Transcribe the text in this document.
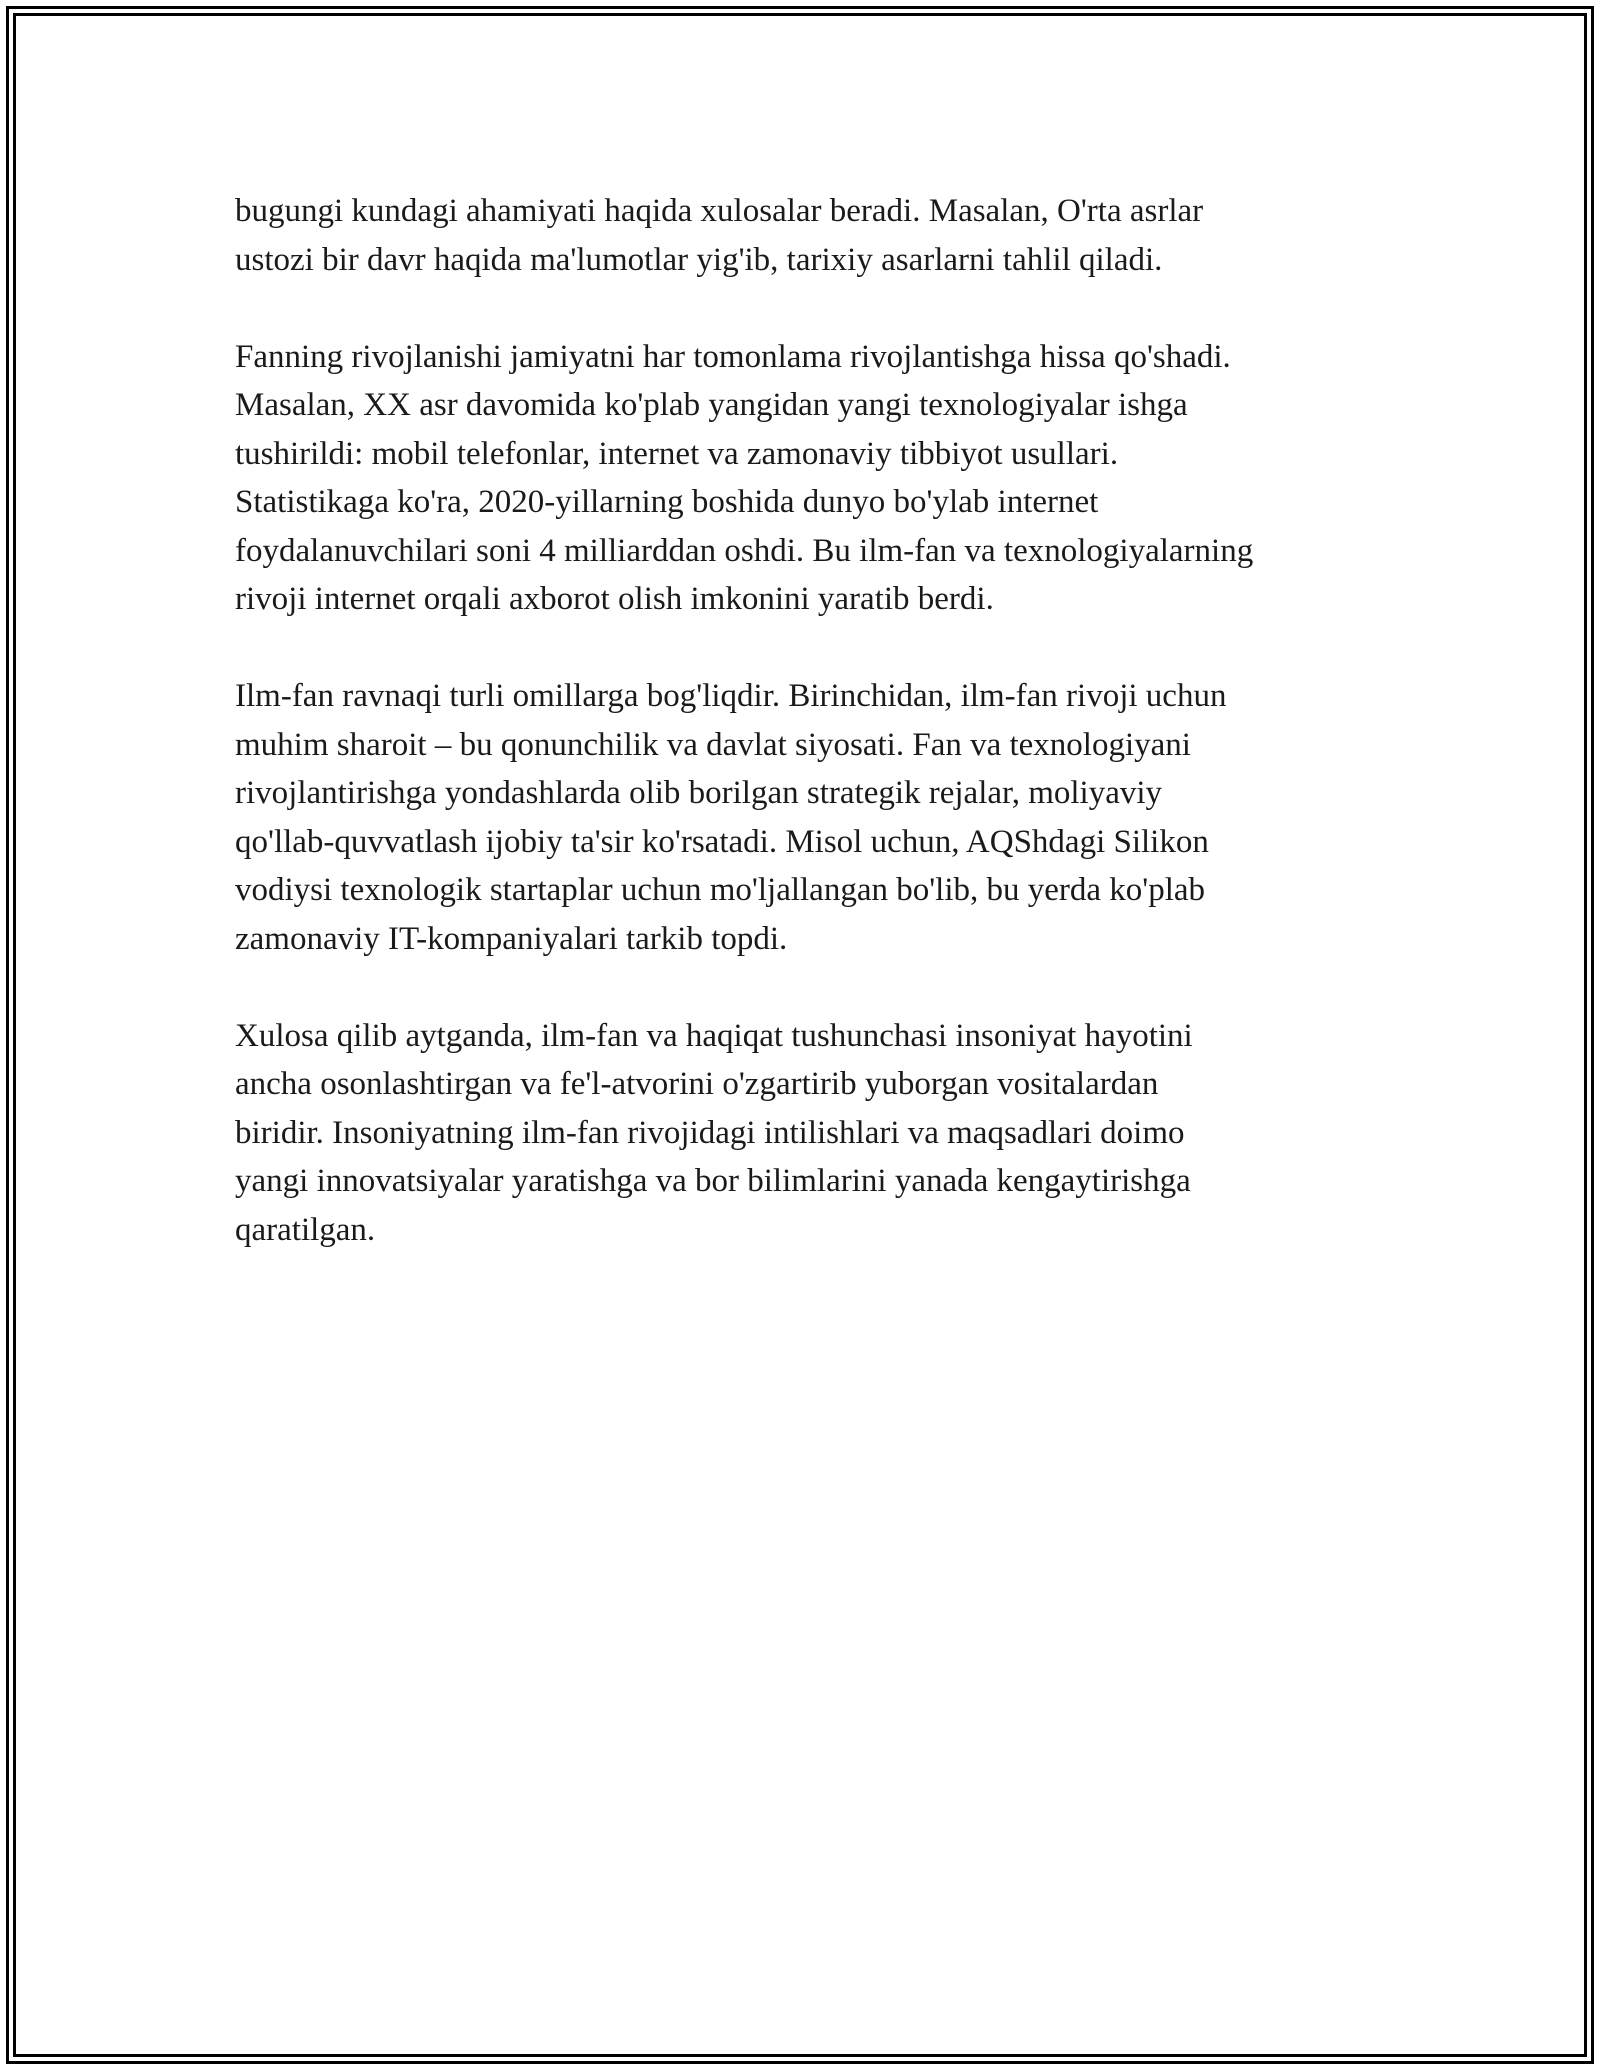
bugungi kundagi ahamiyati haqida xulosalar beradi. Masalan, O'rta asrlar
ustozi bir davr haqida ma'lumotlar yig'ib, tarixiy asarlarni tahlil qiladi.

Fanning rivojlanishi jamiyatni har tomonlama rivojlantishga hissa qo'shadi.
Masalan, XX asr davomida ko'plab yangidan yangi texnologiyalar ishga
tushirildi: mobil telefonlar, internet va zamonaviy tibbiyot usullari.
Statistikaga ko'ra, 2020-yillarning boshida dunyo bo'ylab internet
foydalanuvchilari soni 4 milliarddan oshdi. Bu ilm-fan va texnologiyalarning
rivoji internet orqali axborot olish imkonini yaratib berdi.

Ilm-fan ravnaqi turli omillarga bog'liqdir. Birinchidan, ilm-fan rivoji uchun
muhim sharoit – bu qonunchilik va davlat siyosati. Fan va texnologiyani
rivojlantirishga yondashlarda olib borilgan strategik rejalar, moliyaviy
qo'llab-quvvatlash ijobiy ta'sir ko'rsatadi. Misol uchun, AQShdagi Silikon
vodiysi texnologik startaplar uchun mo'ljallangan bo'lib, bu yerda ko'plab
zamonaviy IT-kompaniyalari tarkib topdi.

Xulosa qilib aytganda, ilm-fan va haqiqat tushunchasi insoniyat hayotini
ancha osonlashtirgan va fe'l-atvorini o'zgartirib yuborgan vositalardan
biridir. Insoniyatning ilm-fan rivojidagi intilishlari va maqsadlari doimo
yangi innovatsiyalar yaratishga va bor bilimlarini yanada kengaytirishga
qaratilgan.
